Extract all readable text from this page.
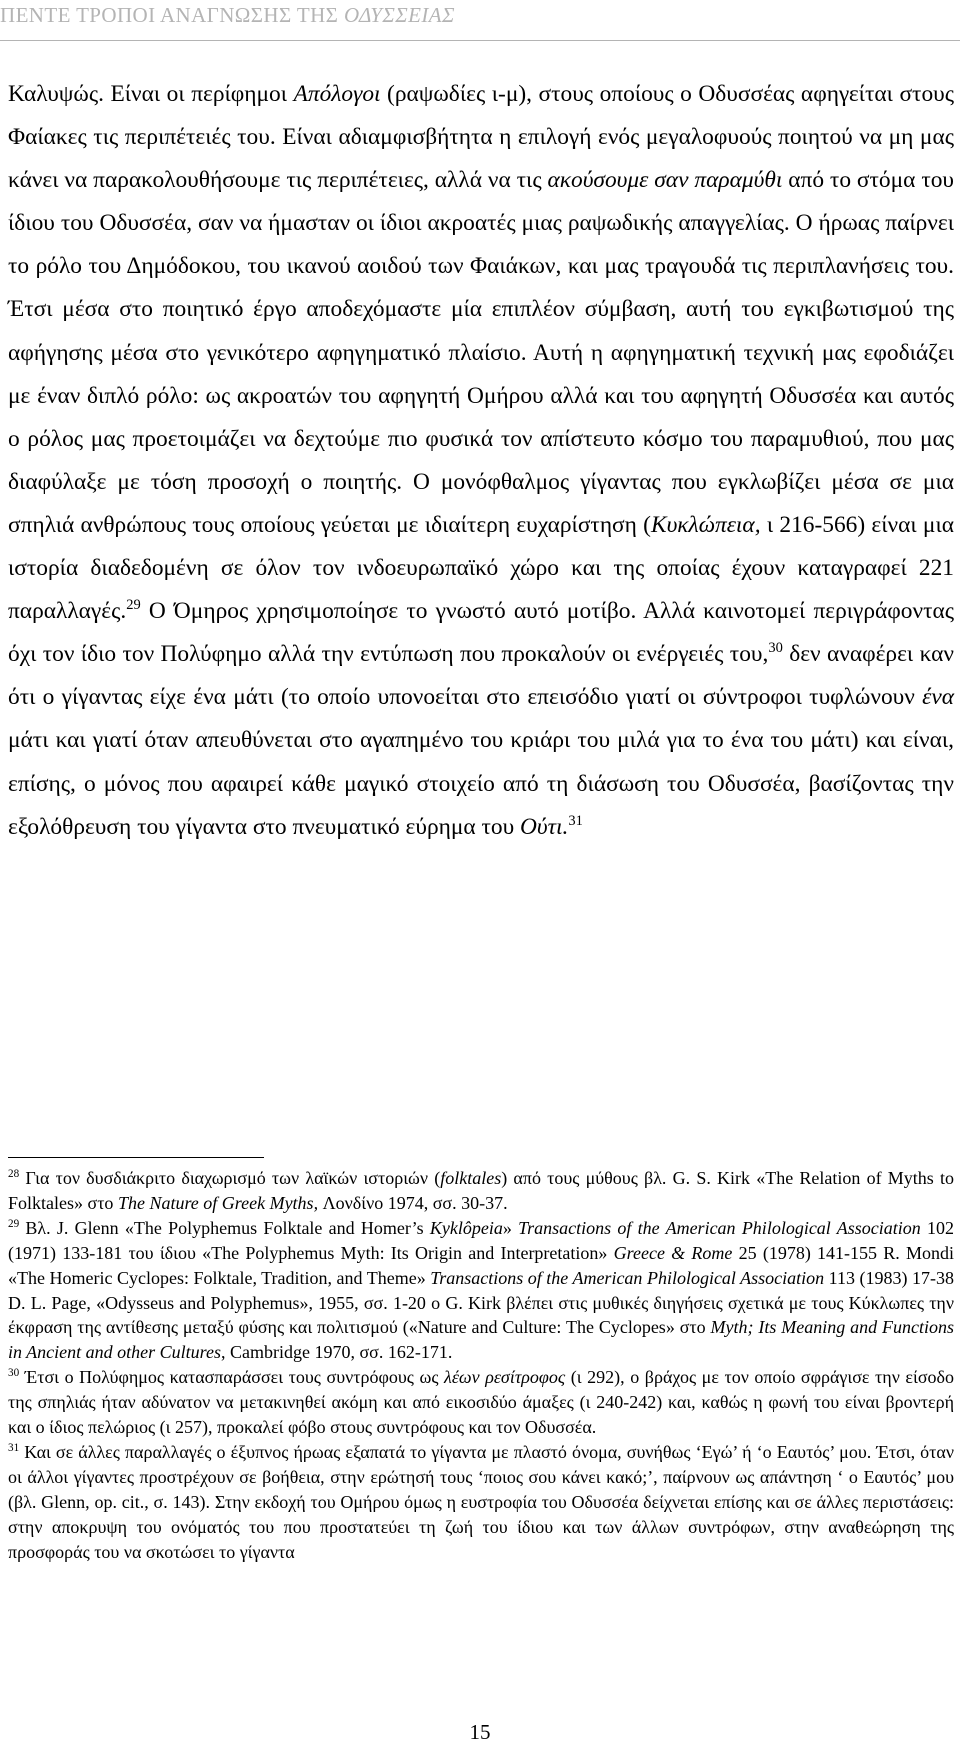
ΠΕΝΤΕ ΤΡΟΠΟΙ ΑΝΑΓΝΩΣΗΣ ΤΗΣ ΟΔΥΣΣΕΙΑΣ
Καλυψώς. Είναι οι περίφημοι Απόλογοι (ραψωδίες ι-μ), στους οποίους ο Οδυσσέας αφηγείται στους Φαίακες τις περιπέτειές του. Είναι αδιαμφισβήτητα η επιλογή ενός μεγαλοφυούς ποιητού να μη μας κάνει να παρακολουθήσουμε τις περιπέτειες, αλλά να τις ακούσουμε σαν παραμύθι από το στόμα του ίδιου του Οδυσσέα, σαν να ήμασταν οι ίδιοι ακροατές μιας ραψωδικής απαγγελίας. Ο ήρωας παίρνει το ρόλο του Δημόδοκου, του ικανού αοιδού των Φαιάκων, και μας τραγουδά τις περιπλανήσεις του. Έτσι μέσα στο ποιητικό έργο αποδεχόμαστε μία επιπλέον σύμβαση, αυτή του εγκιβωτισμού της αφήγησης μέσα στο γενικότερο αφηγηματικό πλαίσιο. Αυτή η αφηγηματική τεχνική μας εφοδιάζει με έναν διπλό ρόλο: ως ακροατών του αφηγητή Ομήρου αλλά και του αφηγητή Οδυσσέα και αυτός ο ρόλος μας προετοιμάζει να δεχτούμε πιο φυσικά τον απίστευτο κόσμο του παραμυθιού, που μας διαφύλαξε με τόση προσοχή ο ποιητής. Ο μονόφθαλμος γίγαντας που εγκλωβίζει μέσα σε μια σπηλιά ανθρώπους τους οποίους γεύεται με ιδιαίτερη ευχαρίστηση (Κυκλώπεια, ι 216-566) είναι μια ιστορία διαδεδομένη σε όλον τον ινδοευρωπαϊκό χώρο και της οποίας έχουν καταγραφεί 221 παραλλαγές.$^{29}$ Ο Όμηρος χρησιμοποίησε το γνωστό αυτό μοτίβο. Αλλά καινοτομεί περιγράφοντας όχι τον ίδιο τον Πολύφημο αλλά την εντύπωση που προκαλούν οι ενέργειές του,$^{30}$ δεν αναφέρει καν ότι ο γίγαντας είχε ένα μάτι (το οποίο υπονοείται στο επεισόδιο γιατί οι σύντροφοι τυφλώνουν ένα μάτι και γιατί όταν απευθύνεται στο αγαπημένο του κριάρι του μιλά για το ένα του μάτι) και είναι, επίσης, ο μόνος που αφαιρεί κάθε μαγικό στοιχείο από τη διάσωση του Οδυσσέα, βασίζοντας την εξολόθρευση του γίγαντα στο πνευματικό εύρημα του Ούτι.$^{31}$

$^{28}$ Για τον δυσδιάκριτο διαχωρισμό των λαϊκών ιστοριών (folktales) από τους μύθους βλ. G. S. Kirk «The Relation of Myths to Folktales» στο The Nature of Greek Myths, Λονδίνο 1974, σσ. 30-37.

$^{29}$ Βλ. J. Glenn «The Polyphemus Folktale and Homer’s Kyklôpeia» Transactions of the American Philological Association 102 (1971) 133-181 του ίδιου «The Polyphemus Myth: Its Origin and Interpretation» Greece & Rome 25 (1978) 141-155 R. Mondi «The Homeric Cyclopes: Folktale, Tradition, and Theme» Transactions of the American Philological Association 113 (1983) 17-38 D. L. Page, «Odysseus and Polyphemus», 1955, σσ. 1-20 ο G. Kirk βλέπει στις μυθικές διηγήσεις σχετικά με τους Κύκλωπες την έκφραση της αντίθεσης μεταξύ φύσης και πολιτισμού («Nature and Culture: The Cyclopes» στο Myth; Its Meaning and Functions in Ancient and other Cultures, Cambridge 1970, σσ. 162-171.

$^{30}$ Έτσι ο Πολύφημος κατασπαράσσει τους συντρόφους ως λέων ρεσίτροφος (ι 292), ο βράχος με τον οποίο σφράγισε την είσοδο της σπηλιάς ήταν αδύνατον να μετακινηθεί ακόμη και από εικοσιδύο άμαξες (ι 240-242) και, καθώς η φωνή του είναι βροντερή και ο ίδιος πελώριος (ι 257), προκαλεί φόβο στους συντρόφους και τον Οδυσσέα.

$^{31}$ Και σε άλλες παραλλαγές ο έξυπνος ήρωας εξαπατά το γίγαντα με πλαστό όνομα, συνήθως ‘Εγώ’ ή ‘ο Εαυτός’ μου. Έτσι, όταν οι άλλοι γίγαντες προστρέχουν σε βοήθεια, στην ερώτησή τους ‘ποιος σου κάνει κακό;’, παίρνουν ως απάντηση ‘ ο Εαυτός’ μου (βλ. Glenn, op. cit., σ. 143). Στην εκδοχή του Ομήρου όμως η ευστροφία του Οδυσσέα δείχνεται επίσης και σε άλλες περιστάσεις: στην αποκρυψη του ονόματός του που προστατεύει τη ζωή του ίδιου και των άλλων συντρόφων, στην αναθεώρηση της προσφοράς του να σκοτώσει το γίγαντα

15
